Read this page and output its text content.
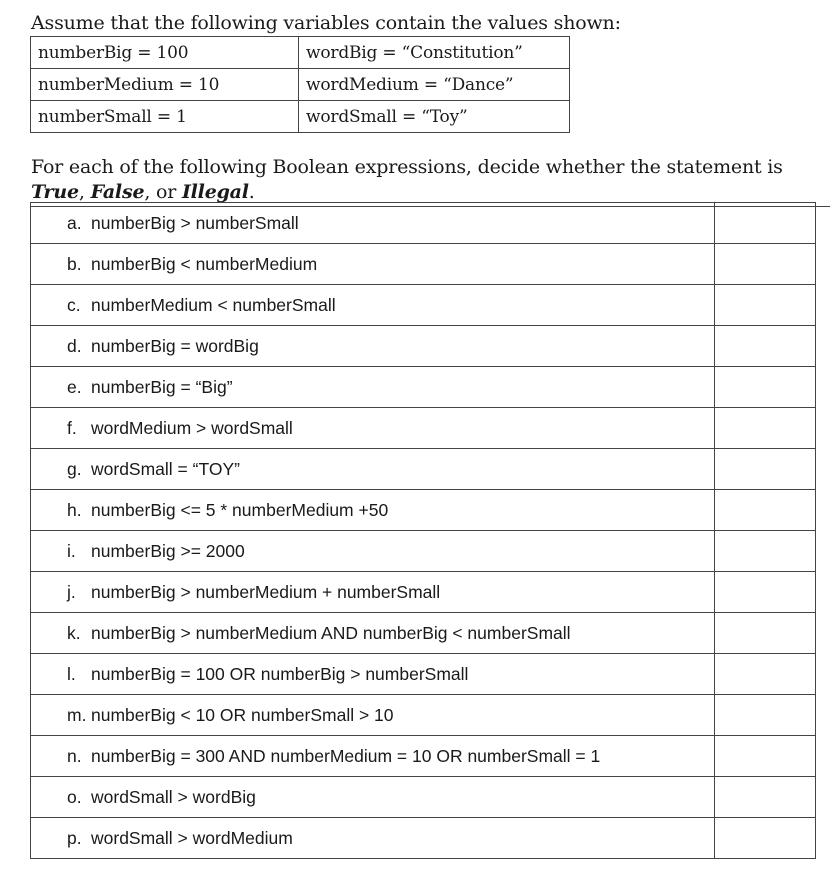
Assume that the following variables contain the values shown:
numberBig = 100	wordBig = “Constitution”
numberMedium = 10	wordMedium = “Dance”
numberSmall = 1	wordSmall = “Toy”
For each of the following Boolean expressions, decide whether the statement is
True, False, or Illegal.
a. numberBig > numberSmall	
b. numberBig < numberMedium	
c. numberMedium < numberSmall	
d. numberBig = wordBig	
e. numberBig = “Big”	
f. wordMedium > wordSmall	
g. wordSmall = “TOY”	
h. numberBig <= 5 * numberMedium +50	
i. numberBig >= 2000	
j. numberBig > numberMedium + numberSmall	
k. numberBig > numberMedium AND numberBig < numberSmall	
l. numberBig = 100 OR numberBig > numberSmall	
m. numberBig < 10 OR numberSmall > 10	
n. numberBig = 300 AND numberMedium = 10 OR numberSmall = 1	
o. wordSmall > wordBig	
p. wordSmall > wordMedium	
